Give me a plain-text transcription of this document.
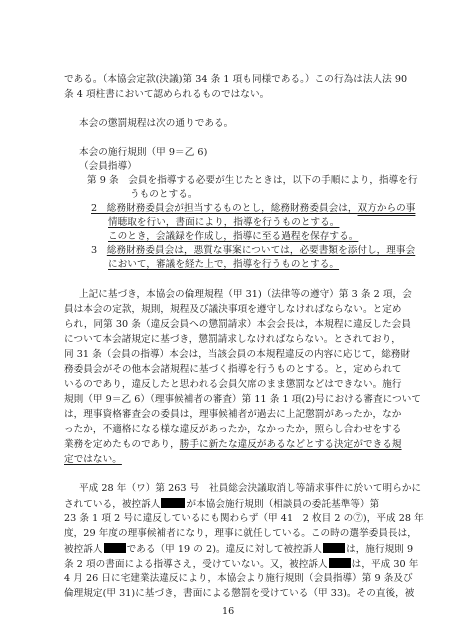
である。（本協会定款(決議)第 34 条 1 項も同様である。）この行為は法人法 90
条 4 項柱書において認められるものではない。
本会の懲罰規程は次の通りである。
本会の施行規則（甲 9＝乙 6)
（会員指導）
第 9 条　会員を指導する必要が生じたときは，以下の手順により，指導を行
うものとする。
2　総務財務委員会が担当するものとし，総務財務委員会は，双方からの事
情聴取を行い，書面により，指導を行うものとする。
このとき，会議録を作成し，指導に至る過程を保存する。
3　総務財務委員会は，悪質な事案については，必要書類を添付し，理事会
において，審議を経た上で，指導を行うものとする。
上記に基づき，本協会の倫理規程（甲 31)（法律等の遵守）第 3 条 2 項，会
員は本会の定款，規則，規程及び議決事項を遵守しなければならない。と定め
られ，同第 30 条（違反会員への懲罰請求）本会会長は，本規程に違反した会員
について本会諸規定に基づき，懲罰請求しなければならない。とされており，
同 31 条（会員の指導）本会は，当該会員の本規程違反の内容に応じて，総務財
務委員会がその他本会諸規程に基づく指導を行うものとする。と，定められて
いるのであり，違反したと思われる会員欠席のまま懲罰などはできない。施行
規則（甲 9＝乙 6）（理事候補者の審査）第 11 条 1 項(2)号における審査について
は，理事資格審査会の委員は，理事候補者が過去に上記懲罰があったか，なか
ったか，不適格になる様な違反があったか，なかったか，照らし合わせをする
業務を定めたものであり，勝手に新たな違反があるなどとする決定ができる規
定ではない。
平成 28 年（ワ）第 263 号　社員総会決議取消し等請求事件に於いて明らかに
されている，被控訴人	が本協会施行規則（相談員の委託基準等）第
23 条 1 項 2 号に違反しているにも関わらず（甲 41　2 枚目 2 の⑦)，平成 28 年
度，29 年度の理事候補者になり，理事に就任している。この時の選挙委員長は，
被控訴人	である（甲 19 の 2)。違反に対して被控訴人	は，施行規則 9
条 2 項の書面による指導さえ，受けていない。又，被控訴人	は，平成 30 年
4 月 26 日に宅建業法違反により，本協会より施行規則（会員指導）第 9 条及び
倫理規定(甲 31)に基づき，書面による懲罰を受けている（甲 33)。その直後，被
16
